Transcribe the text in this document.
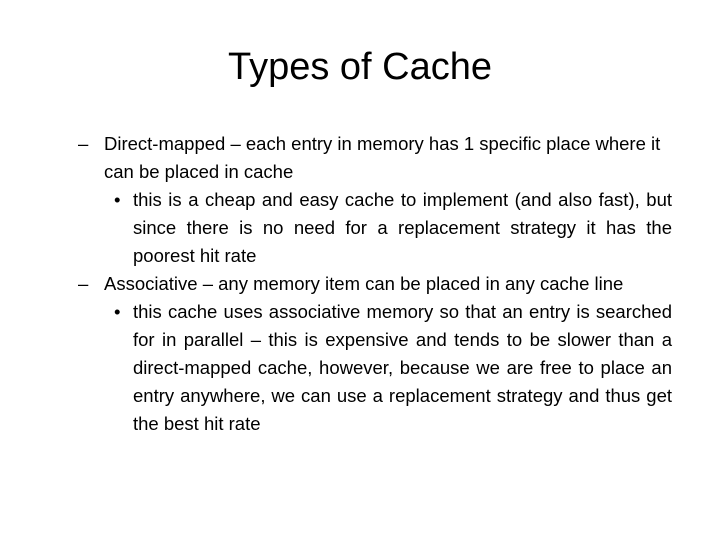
Types of Cache
– Direct-mapped – each entry in memory has 1 specific place where it can be placed in cache
• this is a cheap and easy cache to implement (and also fast), but since there is no need for a replacement strategy it has the poorest hit rate
– Associative – any memory item can be placed in any cache line
• this cache uses associative memory so that an entry is searched for in parallel – this is expensive and tends to be slower than a direct-mapped cache, however, because we are free to place an entry anywhere, we can use a replacement strategy and thus get the best hit rate
